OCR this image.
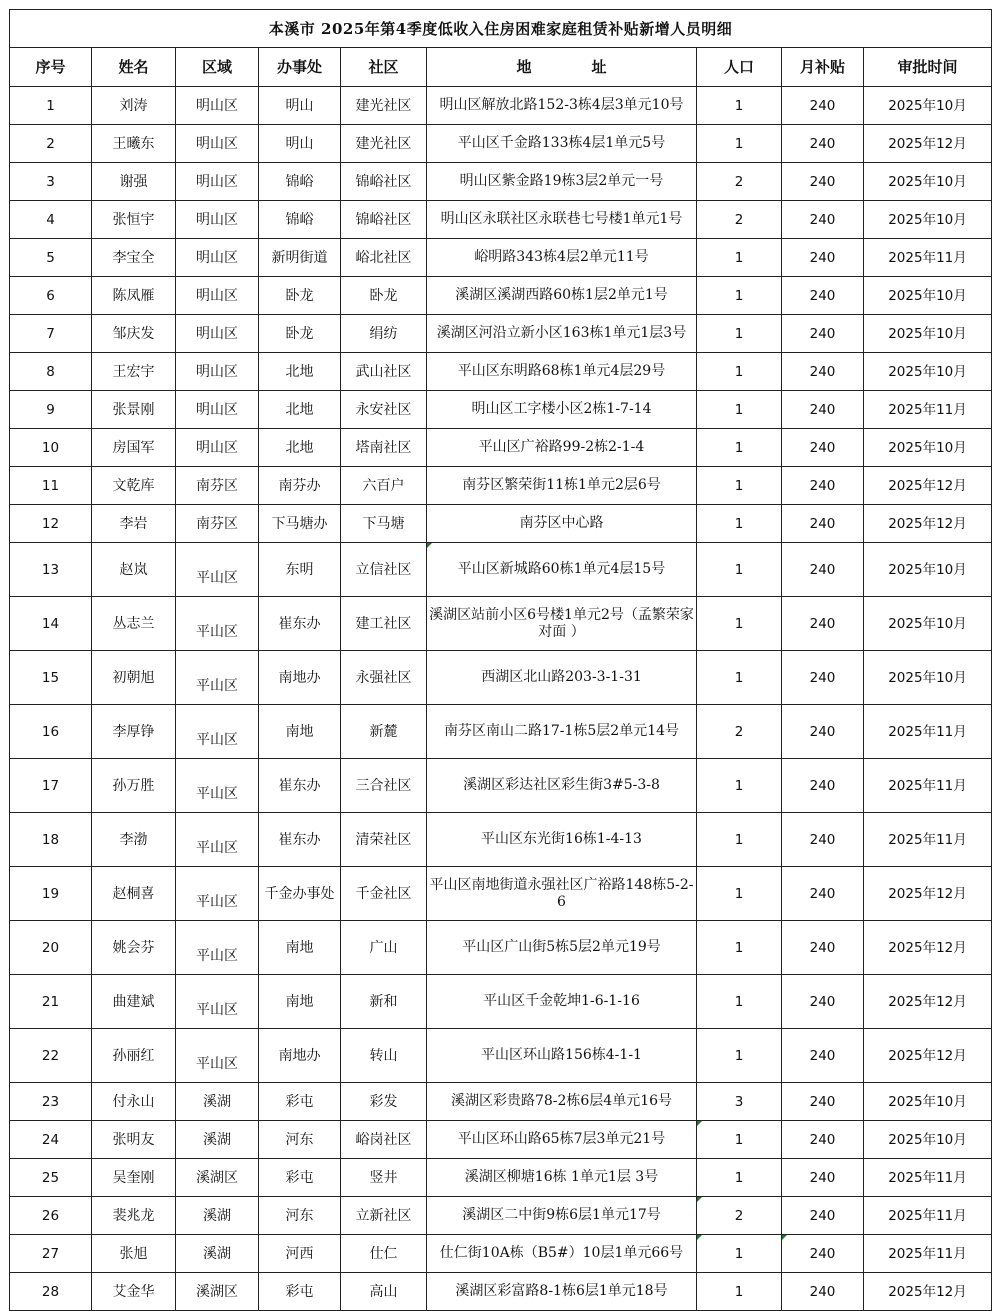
本溪市 2025年第4季度低收入住房困难家庭租赁补贴新增人员明细								
序号	姓名	区域	办事处	社区	地　　　　址	人口	月补贴	审批时间
1	刘涛	明山区	明山	建光社区	明山区解放北路152-3栋4层3单元10号	1	240	2025年10月
2	王曦东	明山区	明山	建光社区	平山区千金路133栋4层1单元5号	1	240	2025年12月
3	谢强	明山区	锦峪	锦峪社区	明山区紫金路19栋3层2单元一号	2	240	2025年10月
4	张恒宇	明山区	锦峪	锦峪社区	明山区永联社区永联巷七号楼1单元1号	2	240	2025年10月
5	李宝全	明山区	新明街道	峪北社区	峪明路343栋4层2单元11号	1	240	2025年11月
6	陈凤雁	明山区	卧龙	卧龙	溪湖区溪湖西路60栋1层2单元1号	1	240	2025年10月
7	邹庆发	明山区	卧龙	绢纺	溪湖区河沿立新小区163栋1单元1层3号	1	240	2025年10月
8	王宏宇	明山区	北地	武山社区	平山区东明路68栋1单元4层29号	1	240	2025年10月
9	张景刚	明山区	北地	永安社区	明山区工字楼小区2栋1-7-14	1	240	2025年11月
10	房国军	明山区	北地	塔南社区	平山区广裕路99-2栋2-1-4	1	240	2025年10月
11	文乾库	南芬区	南芬办	六百户	南芬区繁荣街11栋1单元2层6号	1	240	2025年12月
12	李岩	南芬区	下马塘办	下马塘	南芬区中心路	1	240	2025年12月
13	赵岚	平山区	东明	立信社区	平山区新城路60栋1单元4层15号	1	240	2025年10月
14	丛志兰	平山区	崔东办	建工社区	溪湖区站前小区6号楼1单元2号（孟繁荣家对面 ）	1	240	2025年10月
15	初朝旭	平山区	南地办	永强社区	西湖区北山路203-3-1-31	1	240	2025年10月
16	李厚铮	平山区	南地	新麓	南芬区南山二路17-1栋5层2单元14号	2	240	2025年11月
17	孙万胜	平山区	崔东办	三合社区	溪湖区彩达社区彩生街3#5-3-8	1	240	2025年11月
18	李渤	平山区	崔东办	清荣社区	平山区东光街16栋1-4-13	1	240	2025年11月
19	赵桐喜	平山区	千金办事处	千金社区	平山区南地街道永强社区广裕路148栋5-2-6	1	240	2025年12月
20	姚会芬	平山区	南地	广山	平山区广山街5栋5层2单元19号	1	240	2025年12月
21	曲建斌	平山区	南地	新和	平山区千金乾坤1-6-1-16	1	240	2025年12月
22	孙丽红	平山区	南地办	转山	平山区环山路156栋4-1-1	1	240	2025年12月
23	付永山	溪湖	彩屯	彩发	溪湖区彩贵路78-2栋6层4单元16号	3	240	2025年10月
24	张明友	溪湖	河东	峪岗社区	平山区环山路65栋7层3单元21号	1	240	2025年10月
25	吴奎刚	溪湖区	彩屯	竖井	溪湖区柳塘16栋 1单元1层 3号	1	240	2025年11月
26	裴兆龙	溪湖	河东	立新社区	溪湖区二中街9栋6层1单元17号	2	240	2025年11月
27	张旭	溪湖	河西	仕仁	仕仁街10A栋（B5#）10层1单元66号	1	240	2025年11月
28	艾金华	溪湖区	彩屯	高山	溪湖区彩富路8-1栋6层1单元18号	1	240	2025年12月
